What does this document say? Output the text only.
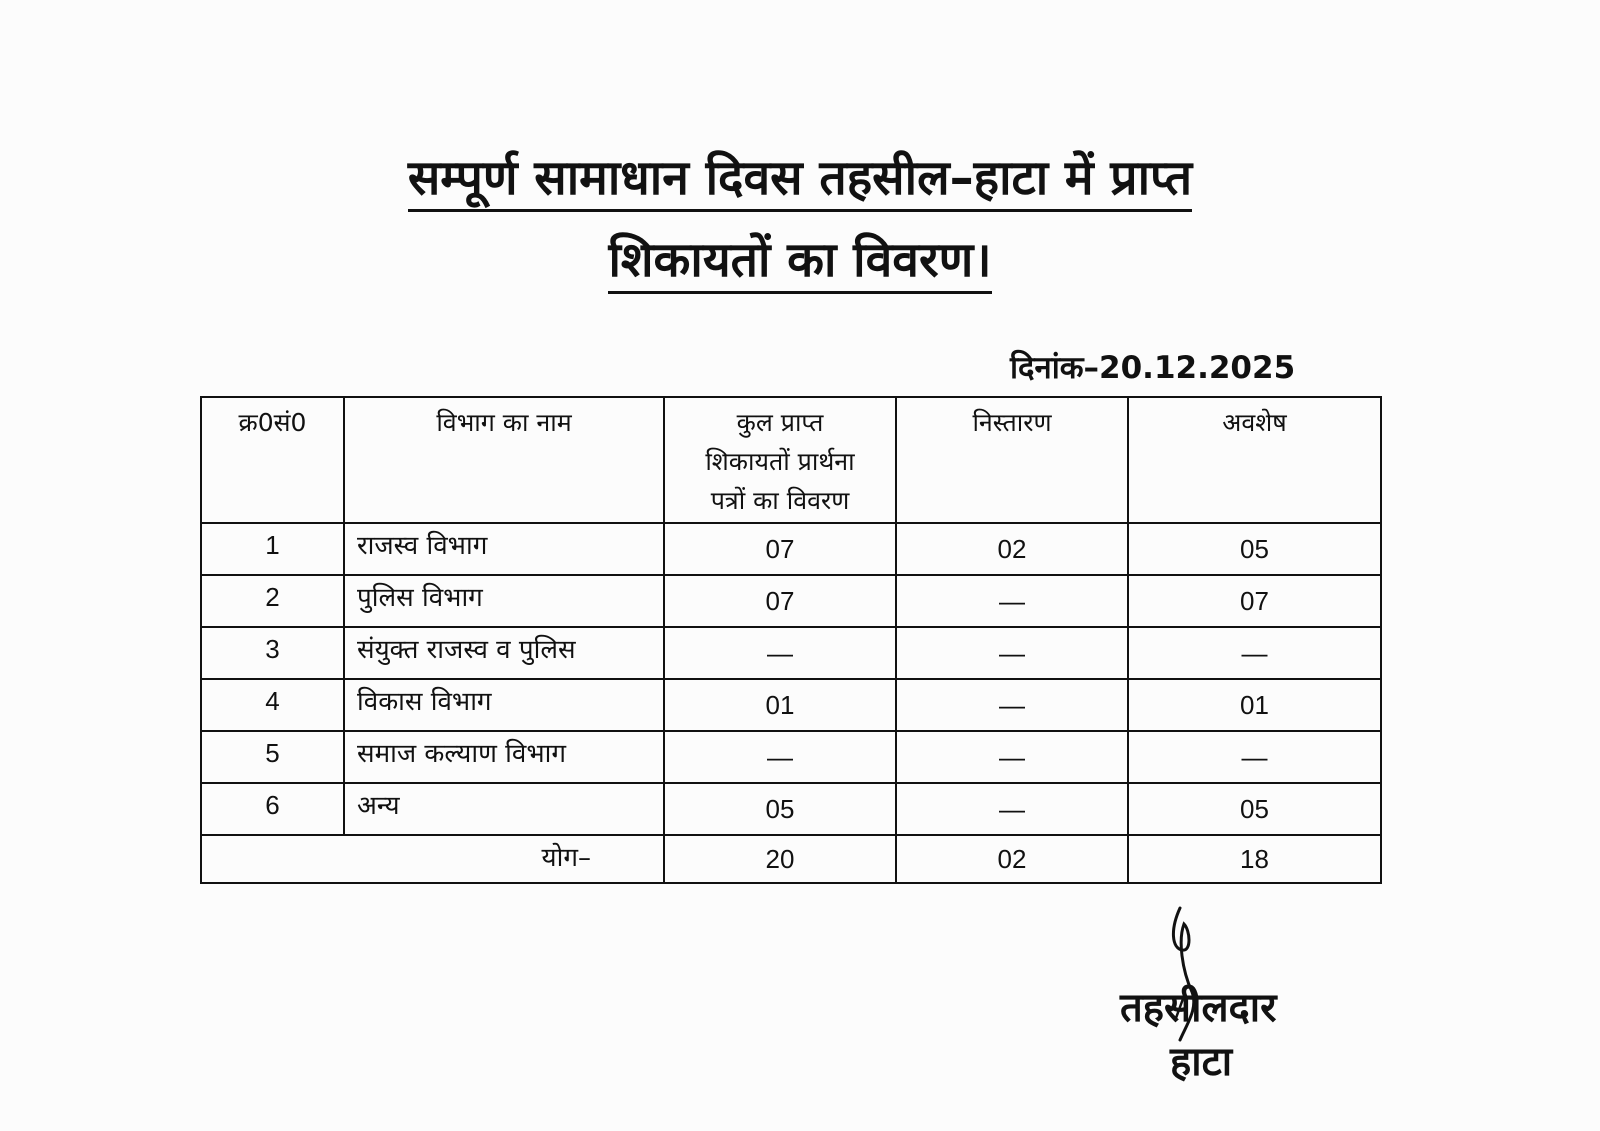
सम्पूर्ण सामाधान दिवस तहसील–हाटा में प्राप्त
शिकायतों का विवरण।
दिनांक–20.12.2025
क्र0सं0	विभाग का नाम	कुल प्राप्त
शिकायतों प्रार्थना
पत्रों का विवरण	निस्तारण	अवशेष
1	राजस्व विभाग	07	02	05
2	पुलिस विभाग	07	—	07
3	संयुक्त राजस्व व पुलिस	—	—	—
4	विकास विभाग	01	—	01
5	समाज कल्याण विभाग	—	—	—
6	अन्य	05	—	05
योग–		20	02	18
तहसीलदार
हाटा
